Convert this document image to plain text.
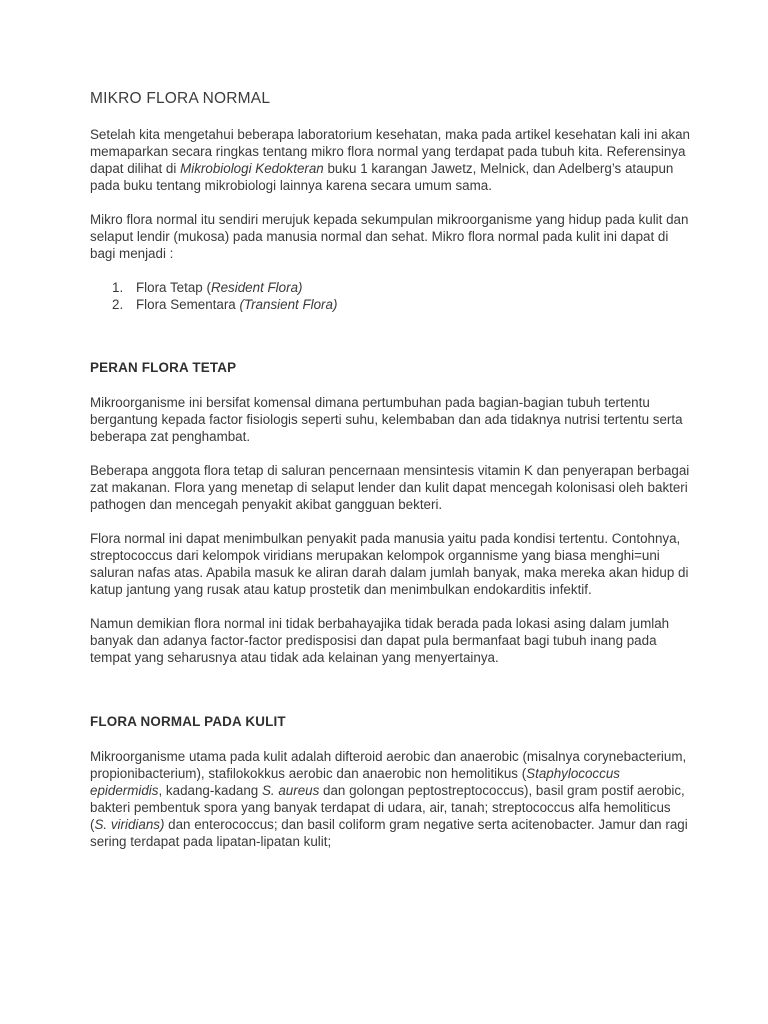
MIKRO FLORA NORMAL

Setelah kita mengetahui beberapa laboratorium kesehatan, maka pada artikel kesehatan kali ini akan memaparkan secara ringkas tentang mikro flora normal yang terdapat pada tubuh kita. Referensinya dapat dilihat di Mikrobiologi Kedokteran buku 1 karangan Jawetz, Melnick, dan Adelberg’s ataupun pada buku tentang mikrobiologi lainnya karena secara umum sama.

Mikro flora normal itu sendiri merujuk kepada sekumpulan mikroorganisme yang hidup pada kulit dan selaput lendir (mukosa) pada manusia normal dan sehat. Mikro flora normal pada kulit ini dapat di bagi menjadi :

1. Flora Tetap (Resident Flora)
2. Flora Sementara (Transient Flora)
PERAN FLORA TETAP

Mikroorganisme ini bersifat komensal dimana pertumbuhan pada bagian-bagian tubuh tertentu bergantung kepada factor fisiologis seperti suhu, kelembaban dan ada tidaknya nutrisi tertentu serta beberapa zat penghambat.

Beberapa anggota flora tetap di saluran pencernaan mensintesis vitamin K dan penyerapan berbagai zat makanan. Flora yang menetap di selaput lender dan kulit dapat mencegah kolonisasi oleh bakteri pathogen dan mencegah penyakit akibat gangguan bekteri.

Flora normal ini dapat menimbulkan penyakit pada manusia yaitu pada kondisi tertentu. Contohnya, streptococcus dari kelompok viridians merupakan kelompok organnisme yang biasa menghi=uni saluran nafas atas. Apabila masuk ke aliran darah dalam jumlah banyak, maka mereka akan hidup di katup jantung yang rusak atau katup prostetik dan menimbulkan endokarditis infektif.

Namun demikian flora normal ini tidak berbahayajika tidak berada pada lokasi asing dalam jumlah banyak dan adanya factor-factor predisposisi dan dapat pula bermanfaat bagi tubuh inang pada tempat yang seharusnya atau tidak ada kelainan yang menyertainya.

FLORA NORMAL PADA KULIT

Mikroorganisme utama pada kulit adalah difteroid aerobic dan anaerobic (misalnya corynebacterium, propionibacterium), stafilokokkus aerobic dan anaerobic non hemolitikus (Staphylococcus epidermidis, kadang-kadang S. aureus dan golongan peptostreptococcus), basil gram postif aerobic, bakteri pembentuk spora yang banyak terdapat di udara, air, tanah; streptococcus alfa hemoliticus (S. viridians) dan enterococcus; dan basil coliform gram negative serta acitenobacter. Jamur dan ragi sering terdapat pada lipatan-lipatan kulit;
